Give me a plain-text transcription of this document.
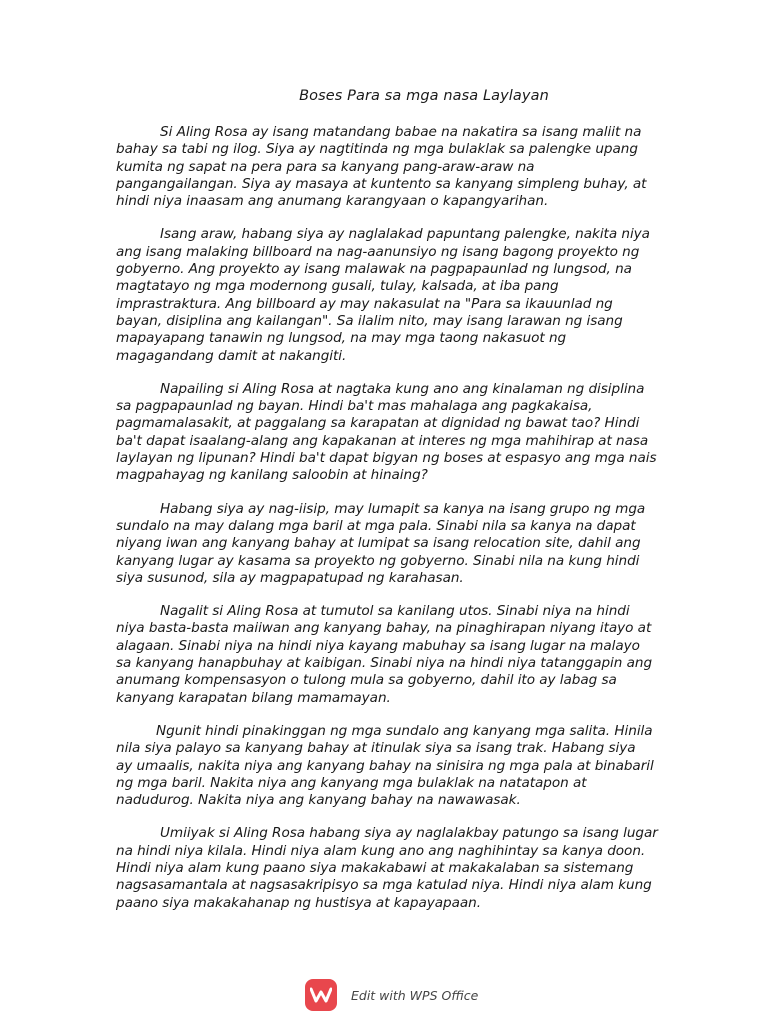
Boses Para sa mga nasa Laylayan

Si Aling Rosa ay isang matandang babae na nakatira sa isang maliit na
bahay sa tabi ng ilog. Siya ay nagtitinda ng mga bulaklak sa palengke upang
kumita ng sapat na pera para sa kanyang pang-araw-araw na
pangangailangan. Siya ay masaya at kuntento sa kanyang simpleng buhay, at
hindi niya inaasam ang anumang karangyaan o kapangyarihan.

Isang araw, habang siya ay naglalakad papuntang palengke, nakita niya
ang isang malaking billboard na nag-aanunsiyo ng isang bagong proyekto ng
gobyerno. Ang proyekto ay isang malawak na pagpapaunlad ng lungsod, na
magtatayo ng mga modernong gusali, tulay, kalsada, at iba pang
imprastraktura. Ang billboard ay may nakasulat na "Para sa ikauunlad ng
bayan, disiplina ang kailangan". Sa ilalim nito, may isang larawan ng isang
mapayapang tanawin ng lungsod, na may mga taong nakasuot ng
magagandang damit at nakangiti.

Napailing si Aling Rosa at nagtaka kung ano ang kinalaman ng disiplina
sa pagpapaunlad ng bayan. Hindi ba't mas mahalaga ang pagkakaisa,
pagmamalasakit, at paggalang sa karapatan at dignidad ng bawat tao? Hindi
ba't dapat isaalang-alang ang kapakanan at interes ng mga mahihirap at nasa
laylayan ng lipunan? Hindi ba't dapat bigyan ng boses at espasyo ang mga nais
magpahayag ng kanilang saloobin at hinaing?

Habang siya ay nag-iisip, may lumapit sa kanya na isang grupo ng mga
sundalo na may dalang mga baril at mga pala. Sinabi nila sa kanya na dapat
niyang iwan ang kanyang bahay at lumipat sa isang relocation site, dahil ang
kanyang lugar ay kasama sa proyekto ng gobyerno. Sinabi nila na kung hindi
siya susunod, sila ay magpapatupad ng karahasan.

Nagalit si Aling Rosa at tumutol sa kanilang utos. Sinabi niya na hindi
niya basta-basta maiiwan ang kanyang bahay, na pinaghirapan niyang itayo at
alagaan. Sinabi niya na hindi niya kayang mabuhay sa isang lugar na malayo
sa kanyang hanapbuhay at kaibigan. Sinabi niya na hindi niya tatanggapin ang
anumang kompensasyon o tulong mula sa gobyerno, dahil ito ay labag sa
kanyang karapatan bilang mamamayan.

Ngunit hindi pinakinggan ng mga sundalo ang kanyang mga salita. Hinila
nila siya palayo sa kanyang bahay at itinulak siya sa isang trak. Habang siya
ay umaalis, nakita niya ang kanyang bahay na sinisira ng mga pala at binabaril
ng mga baril. Nakita niya ang kanyang mga bulaklak na natatapon at
nadudurog. Nakita niya ang kanyang bahay na nawawasak.

Umiiyak si Aling Rosa habang siya ay naglalakbay patungo sa isang lugar
na hindi niya kilala. Hindi niya alam kung ano ang naghihintay sa kanya doon.
Hindi niya alam kung paano siya makakabawi at makakalaban sa sistemang
nagsasamantala at nagsasakripisyo sa mga katulad niya. Hindi niya alam kung
paano siya makakahanap ng hustisya at kapayapaan.

Edit with WPS Office
